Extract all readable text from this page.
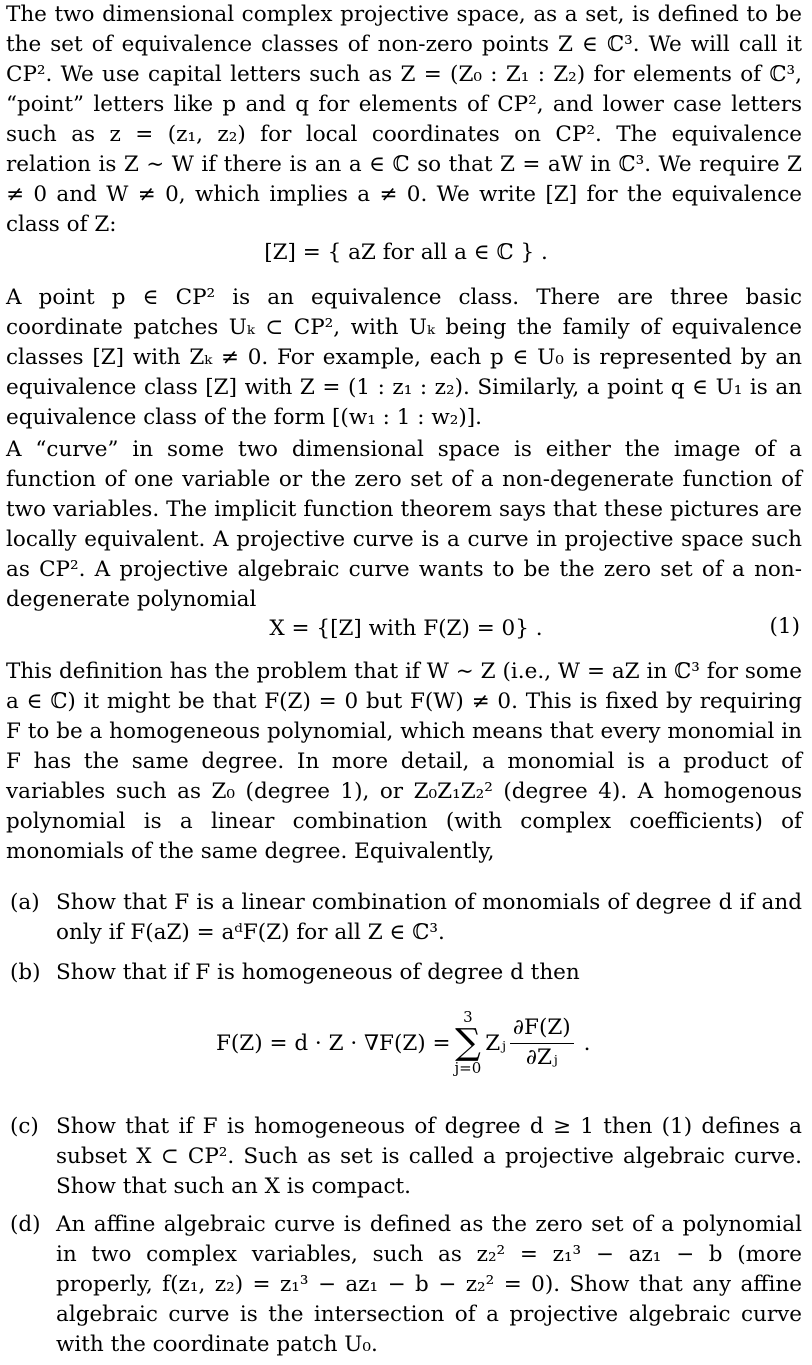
The two dimensional complex projective space, as a set, is defined to be the set of equivalence classes of non-zero points Z ∈ ℂ³. We will call it CP². We use capital letters such as Z = (Z₀ : Z₁ : Z₂) for elements of ℂ³, “point” letters like p and q for elements of CP², and lower case letters such as z = (z₁, z₂) for local coordinates on CP². The equivalence relation is Z ∼ W if there is an a ∈ ℂ so that Z = aW in ℂ³. We require Z ≠ 0 and W ≠ 0, which implies a ≠ 0. We write [Z] for the equivalence class of Z:
[Z] = { aZ for all a ∈ ℂ } .
A point p ∈ CP² is an equivalence class. There are three basic coordinate patches Uₖ ⊂ CP², with Uₖ being the family of equivalence classes [Z] with Zₖ ≠ 0. For example, each p ∈ U₀ is represented by an equivalence class [Z] with Z = (1 : z₁ : z₂). Similarly, a point q ∈ U₁ is an equivalence class of the form [(w₁ : 1 : w₂)].
A “curve” in some two dimensional space is either the image of a function of one variable or the zero set of a non-degenerate function of two variables. The implicit function theorem says that these pictures are locally equivalent. A projective curve is a curve in projective space such as CP². A projective algebraic curve wants to be the zero set of a non-degenerate polynomial
X = {[Z] with F(Z) = 0} .	(1)
This definition has the problem that if W ∼ Z (i.e., W = aZ in ℂ³ for some a ∈ ℂ) it might be that F(Z) = 0 but F(W) ≠ 0. This is fixed by requiring F to be a homogeneous polynomial, which means that every monomial in F has the same degree. In more detail, a monomial is a product of variables such as Z₀ (degree 1), or Z₀Z₁Z₂² (degree 4). A homogenous polynomial is a linear combination (with complex coefficients) of monomials of the same degree. Equivalently,
(a) Show that F is a linear combination of monomials of degree d if and only if F(aZ) = aᵈF(Z) for all Z ∈ ℂ³.
(b) Show that if F is homogeneous of degree d then
F(Z) = d · Z · ∇F(Z) =
3
∑
j=0
Zⱼ $\frac{\partial F(Z)}{\text{∂Zⱼ}}$ .
(c) Show that if F is homogeneous of degree d ≥ 1 then (1) defines a subset X ⊂ CP². Such as set is called a projective algebraic curve. Show that such an X is compact.
(d) An affine algebraic curve is defined as the zero set of a polynomial in two complex variables, such as z₂² = z₁³ − az₁ − b (more properly, f(z₁, z₂) = z₁³ − az₁ − b − z₂² = 0). Show that any affine algebraic curve is the intersection of a projective algebraic curve with the coordinate patch U₀.
